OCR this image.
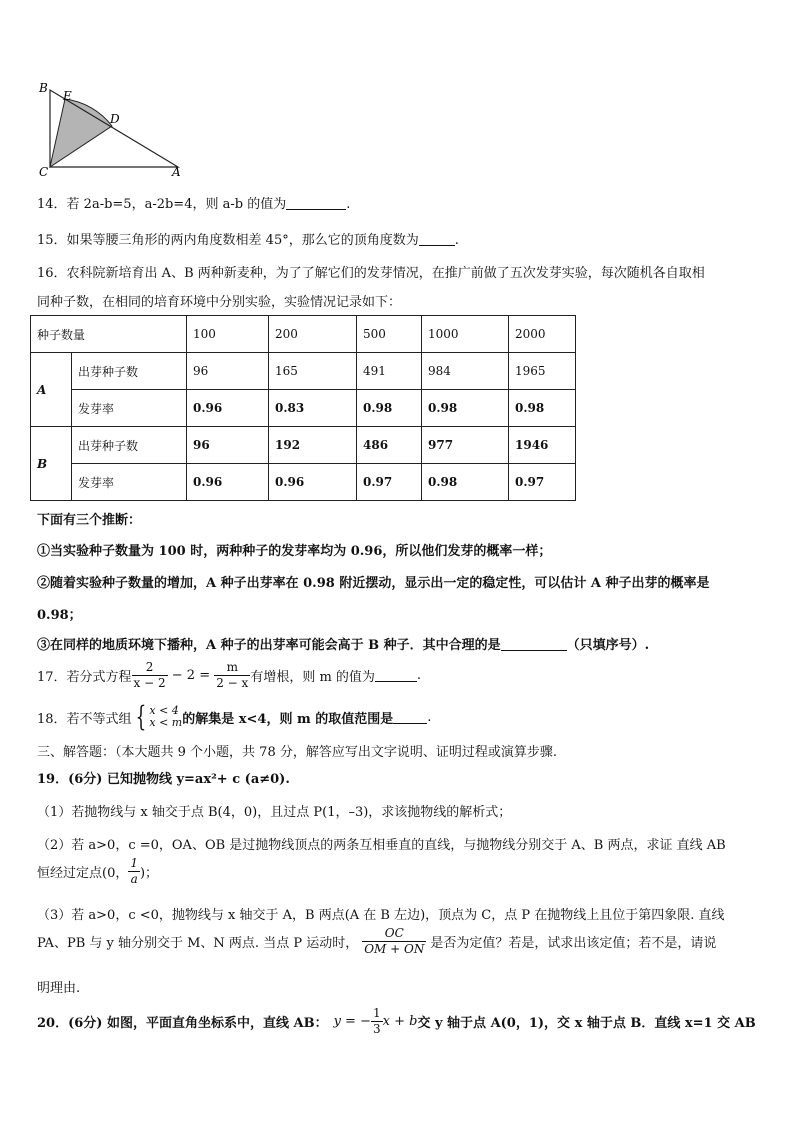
B
E
D
C	A
14．若 2a-b=5，a-2b=4，则 a-b 的值为	.
15．如果等腰三角形的两内角度数相差 45°，那么它的顶角度数为	.
16．农科院新培育出 A、B 两种新麦种，为了了解它们的发芽情况，在推广前做了五次发芽实验，每次随机各自取相
同种子数，在相同的培育环境中分别实验，实验情况记录如下：
种子数量		100	200	500	1000	2000
A	出芽种子数	96	165	491	984	1965
	发芽率	0.96	0.83	0.98	0.98	0.98
B	出芽种子数	96	192	486	977	1946
	发芽率	0.96	0.96	0.97	0.98	0.97
下面有三个推断：
①当实验种子数量为 100 时，两种种子的发芽率均为 0.96，所以他们发芽的概率一样；
②随着实验种子数量的增加，A 种子出芽率在 0.98 附近摆动，显示出一定的稳定性，可以估计 A 种子出芽的概率是
0.98；
③在同样的地质环境下播种，A 种子的出芽率可能会高于 B 种子．其中合理的是	（只填序号）.
17．若分式方程 $\frac{2}{x - 2} - 2 = \frac{m}{2 - x}$ 有增根，则 m 的值为	.
18．若不等式组 { x < 4
x < m 的解集是 x<4，则 m 的取值范围是	.
三、解答题：（本大题共 9 个小题，共 78 分，解答应写出文字说明、证明过程或演算步骤.
19．(6分) 已知抛物线 y=ax²+ c (a≠0).
（1）若抛物线与 x 轴交于点 B(4，0)，且过点 P(1，–3)，求该抛物线的解析式；
（2）若 a>0，c =0，OA、OB 是过抛物线顶点的两条互相垂直的直线，与抛物线分别交于 A、B 两点，求证 直线 AB
恒经过定点(0， $\frac{1}{a}$ )；
（3）若 a>0，c <0，抛物线与 x 轴交于 A，B 两点(A 在 B 左边)，顶点为 C，点 P 在抛物线上且位于第四象限. 直线
PA、PB 与 y 轴分别交于 M、N 两点. 当点 P 运动时， $\frac{OC}{OM + ON}$ 是否为定值？若是，试求出该定值；若不是，请说
明理由.
20．(6分) 如图，平面直角坐标系中，直线 AB： y = − $\frac{1}{3}$ x + b 交 y 轴于点 A(0，1)，交 x 轴于点 B．直线 x=1 交 AB
